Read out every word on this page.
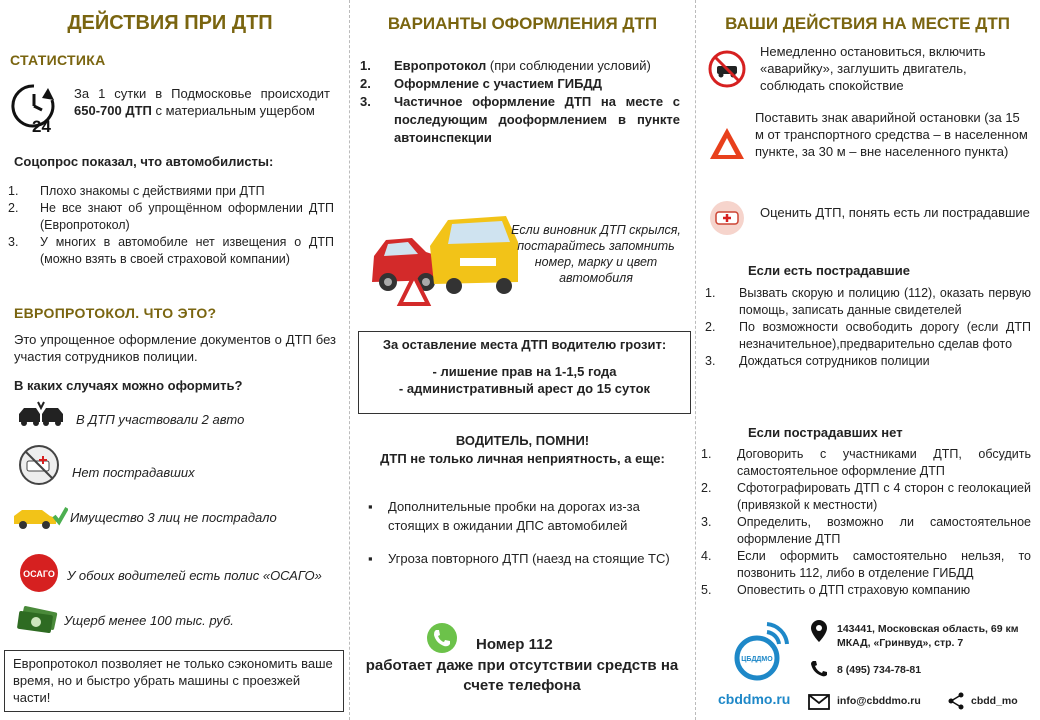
ДЕЙСТВИЯ ПРИ ДТП
СТАТИСТИКА
24
За 1 сутки в Подмосковье происходит 650-700 ДТП с материальным ущербом
Соцопрос показал, что автомобилисты:
1. Плохо знакомы с действиями при ДТП
2. Не все знают об упрощённом оформлении ДТП (Европротокол)
3. У многих в автомобиле нет извещения о ДТП (можно взять в своей страховой компании)
ЕВРОПРОТОКОЛ. ЧТО ЭТО?
Это упрощенное оформление документов о ДТП без участия сотрудников полиции.
В каких случаях можно оформить?
В ДТП участвовали 2 авто
Нет пострадавших
Имущество 3 лиц не пострадало
ОСАГО У обоих водителей есть полис «ОСАГО»
Ущерб менее 100 тыс. руб.
Европротокол позволяет не только сэкономить ваше время, но и быстро убрать машины с проезжей части!
ВАРИАНТЫ ОФОРМЛЕНИЯ ДТП
1. Европротокол (при соблюдении условий)
2. Оформление с участием ГИБДД
3. Частичное оформление ДТП на месте с последующим дооформлением в пункте автоинспекции
Если виновник ДТП скрылся, постарайтесь запомнить номер, марку и цвет автомобиля
За оставление места ДТП водителю грозит:
- лишение прав на 1-1,5 года
- административный арест до 15 суток
ВОДИТЕЛЬ, ПОМНИ!
ДТП не только личная неприятность, а еще:
▪ Дополнительные пробки на дорогах из-за стоящих в ожидании ДПС автомобилей
▪ Угроза повторного ДТП (наезд на стоящие ТС)
Номер 112
работает даже при отсутствии средств на счете телефона
ВАШИ ДЕЙСТВИЯ НА МЕСТЕ ДТП
Немедленно остановиться, включить «аварийку», заглушить двигатель, соблюдать спокойствие
Поставить знак аварийной остановки (за 15 м от транспортного средства – в населенном пункте, за 30 м – вне населенного пункта)
Оценить ДТП, понять есть ли пострадавшие
Если есть пострадавшие
1. Вызвать скорую и полицию (112), оказать первую помощь, записать данные свидетелей
2. По возможности освободить дорогу (если ДТП незначительное),предварительно сделав фото
3. Дождаться сотрудников полиции
Если пострадавших нет
1. Договорить с участниками ДТП, обсудить самостоятельное оформление ДТП
2. Сфотографировать ДТП с 4 сторон с геолокацией (привязкой к местности)
3. Определить, возможно ли самостоятельное оформление ДТП
4. Если оформить самостоятельно нельзя, то позвонить 112, либо в отделение ГИБДД
5. Оповестить о ДТП страховую компанию
ЦБДДМО
cbddmo.ru
143441, Московская область, 69 км МКАД, «Гринвуд», стр. 7
8 (495) 734-78-81
info@cbddmo.ru	cbdd_mo
